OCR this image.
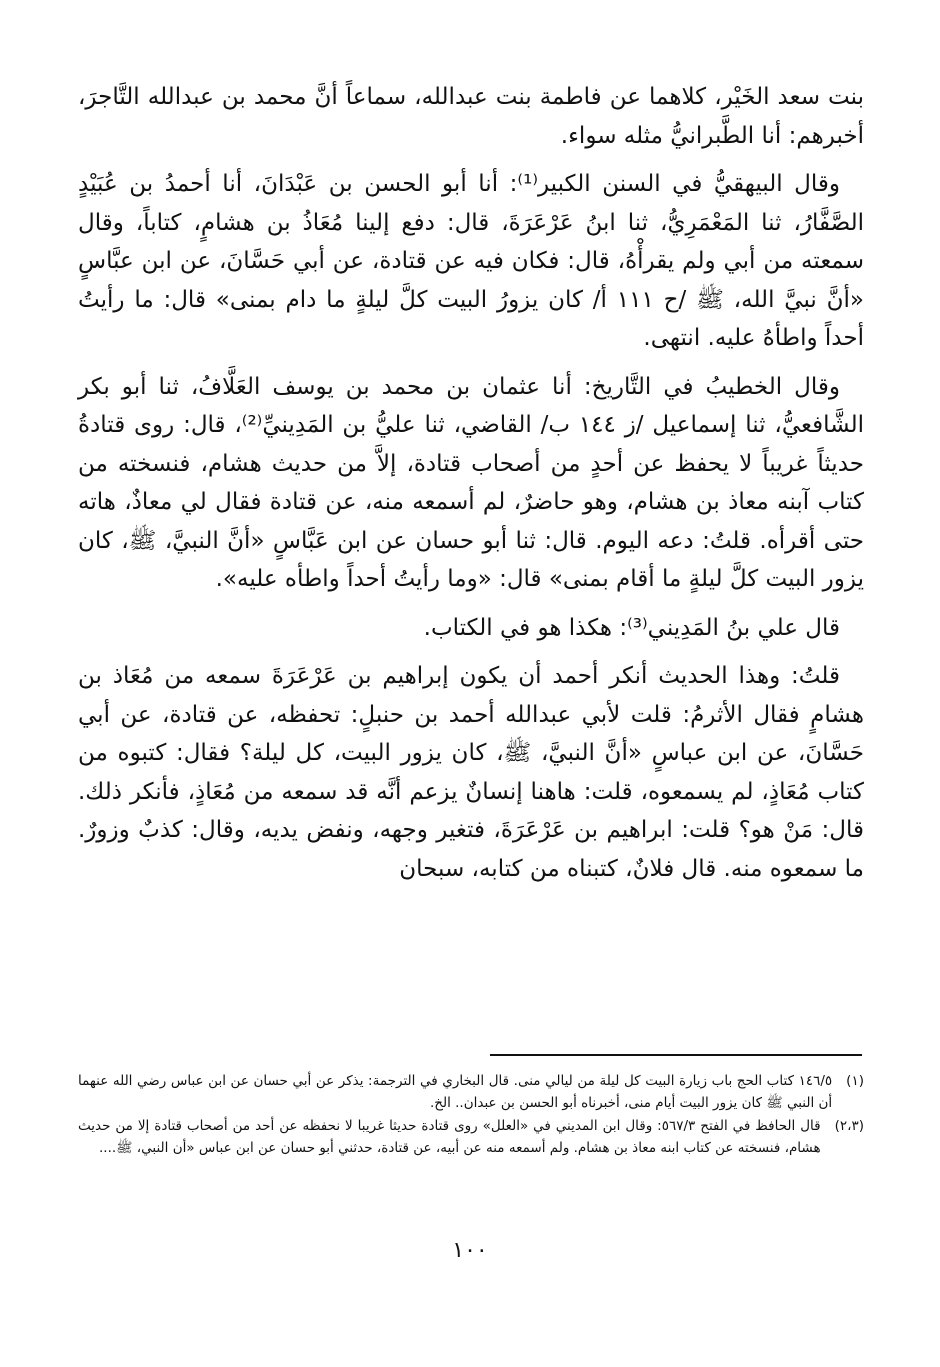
بنت سعد الخَيْر، كلاهما عن فاطمة بنت عبدالله، سماعاً أنَّ محمد بن عبدالله التَّاجرَ، أخبرهم: أنا الطَّبرانيُّ مثله سواء.

وقال البيهقيُّ في السنن الكبير⁽¹⁾: أنا أبو الحسن بن عَبْدَانَ، أنا أحمدُ بن عُبَيْدٍ الصَّفَّارُ، ثنا المَعْمَرِيُّ، ثنا ابنُ عَرْعَرَةَ، قال: دفع إلينا مُعَاذُ بن هشامٍ، كتاباً، وقال سمعته من أبي ولم يقرأْهُ، قال: فكان فيه عن قتادة، عن أبي حَسَّانَ، عن ابن عبَّاسٍ «أنَّ نبيَّ الله، ﷺ /ح ١١١ أ/ كان يزورُ البيت كلَّ ليلةٍ ما دام بمنى» قال: ما رأيتُ أحداً واطأهُ عليه. انتهى.

وقال الخطيبُ في التَّاريخ: أنا عثمان بن محمد بن يوسف العَلَّافُ، ثنا أبو بكر الشَّافعيُّ، ثنا إسماعيل /ز ١٤٤ ب/ القاضي، ثنا عليُّ بن المَدِينيِّ⁽²⁾، قال: روى قتادةُ حديثاً غريباً لا يحفظ عن أحدٍ من أصحاب قتادة، إلاَّ من حديث هشام، فنسخته من كتاب آبنه معاذ بن هشام، وهو حاضرٌ، لم أسمعه منه، عن قتادة فقال لي معاذٌ، هاته حتى أقرأه. قلتُ: دعه اليوم. قال: ثنا أبو حسان عن ابن عَبَّاسٍ «أنَّ النبيَّ، ﷺ، كان يزور البيت كلَّ ليلةٍ ما أقام بمنى» قال: «وما رأيتُ أحداً واطأه عليه».

قال علي بنُ المَدِيني⁽³⁾: هكذا هو في الكتاب.

قلتُ: وهذا الحديث أنكر أحمد أن يكون إبراهيم بن عَرْعَرَةَ سمعه من مُعَاذ بن هشامٍ فقال الأثرمُ: قلت لأبي عبدالله أحمد بن حنبلٍ: تحفظه، عن قتادة، عن أبي حَسَّانَ، عن ابن عباسٍ «أنَّ النبيَّ، ﷺ، كان يزور البيت، كل ليلة؟ فقال: كتبوه من كتاب مُعَاذٍ، لم يسمعوه، قلت: هاهنا إنسانٌ يزعم أنَّه قد سمعه من مُعَاذٍ، فأنكر ذلك. قال: مَنْ هو؟ قلت: ابراهيم بن عَرْعَرَةَ، فتغير وجهه، ونفض يديه، وقال: كذبٌ وزورٌ. ما سمعوه منه. قال فلانٌ، كتبناه من كتابه، سبحان

(١)
١٤٦/٥ كتاب الحج باب زيارة البيت كل ليلة من ليالي منى. قال البخاري في الترجمة: يذكر عن أبي حسان عن ابن عباس رضي الله عنهما أن النبي ﷺ كان يزور البيت أيام منى، أخبرناه أبو الحسن بن عبدان.. الخ.
(٢،٣)
قال الحافظ في الفتح ٥٦٧/٣: وقال ابن المديني في «العلل» روى قتادة حديثا غريبا لا نحفظه عن أحد من أصحاب قتادة إلا من حديث هشام، فنسخته عن كتاب ابنه معاذ بن هشام. ولم أسمعه منه عن أبيه، عن قتادة، حدثني أبو حسان عن ابن عباس «أن النبي، ﷺ....
١٠٠
